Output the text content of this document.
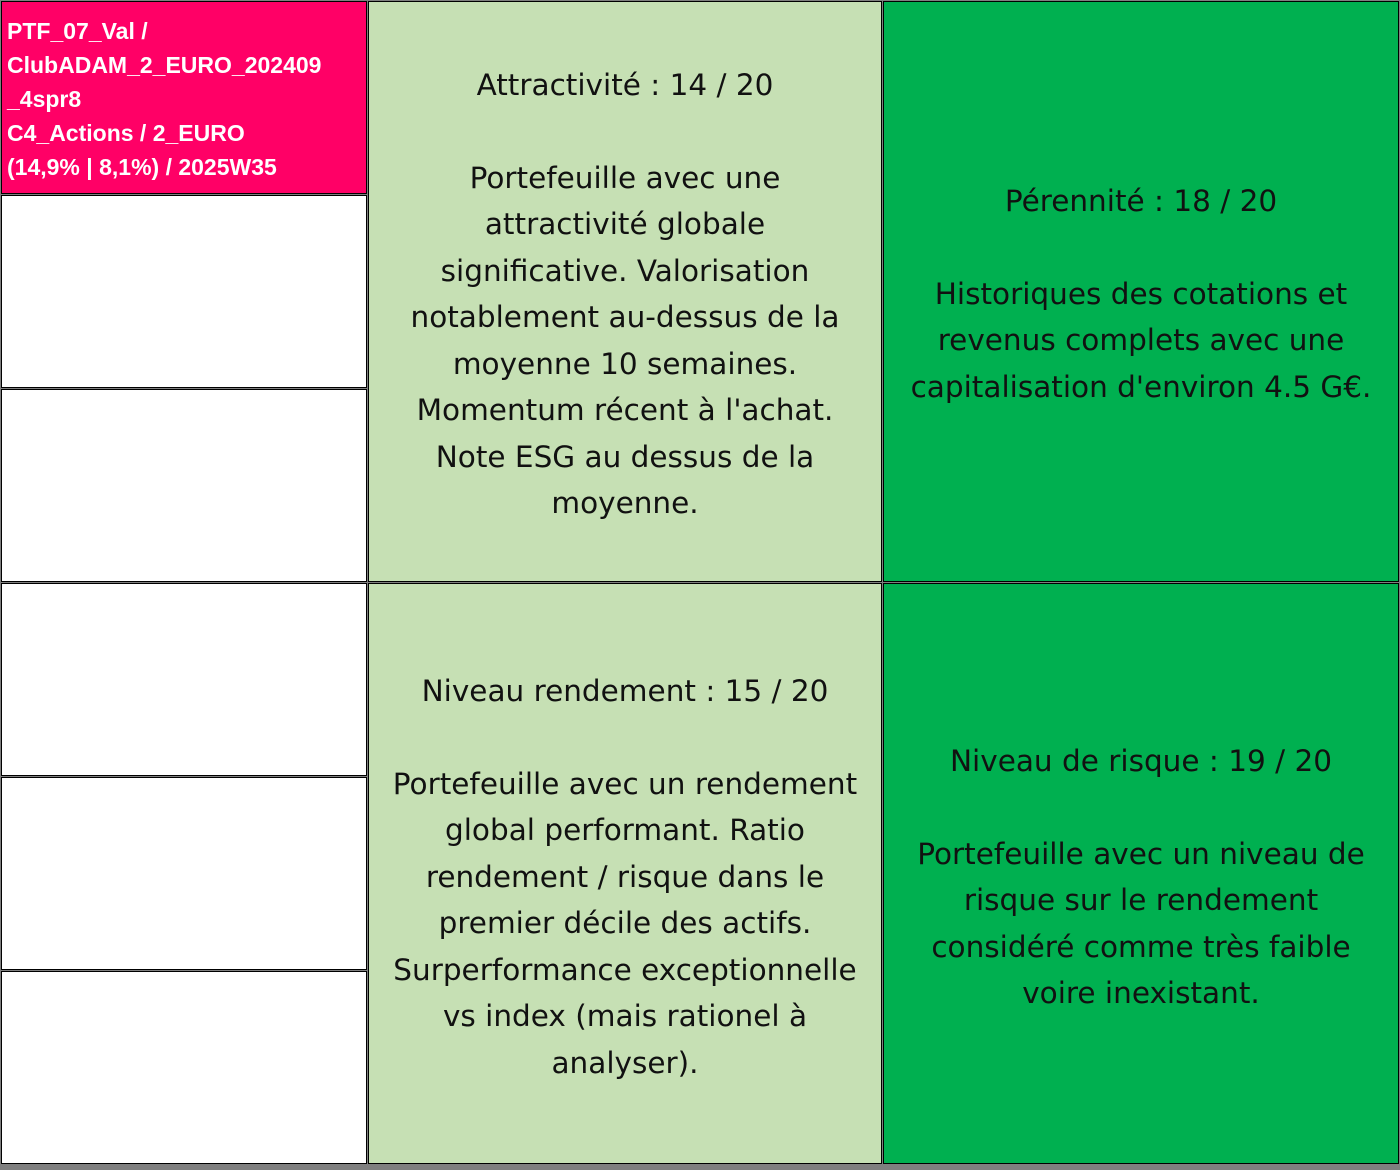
PTF_07_Val /
ClubADAM_2_EURO_202409
_4spr8
C4_Actions / 2_EURO
(14,9% | 8,1%) / 2025W35
Attractivité : 14 / 20
Portefeuille avec une
attractivité globale
significative. Valorisation
notablement au-dessus de la
moyenne 10 semaines.
Momentum récent à l'achat.
Note ESG au dessus de la
moyenne.
Pérennité : 18 / 20
Historiques des cotations et
revenus complets avec une
capitalisation d'environ 4.5 G€.
Niveau rendement : 15 / 20
Portefeuille avec un rendement
global performant. Ratio
rendement / risque dans le
premier décile des actifs.
Surperformance exceptionnelle
vs index (mais rationel à
analyser).
Niveau de risque : 19 / 20
Portefeuille avec un niveau de
risque sur le rendement
considéré comme très faible
voire inexistant.
